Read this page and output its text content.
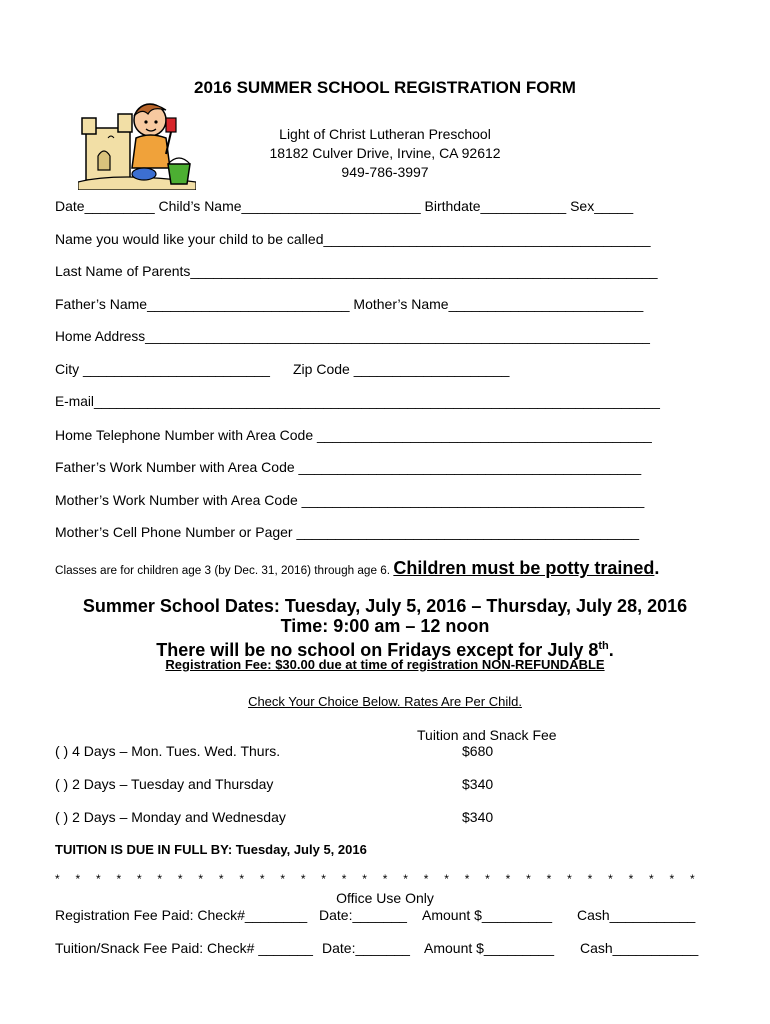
2016 SUMMER SCHOOL REGISTRATION FORM
Light of Christ Lutheran Preschool
18182 Culver Drive, Irvine, CA 92612
949-786-3997
Date_________ Child’s Name_______________________ Birthdate___________ Sex_____
Name you would like your child to be called__________________________________________
Last Name of Parents____________________________________________________________
Father’s Name__________________________ Mother’s Name_________________________
Home Address__________________________________________________________________
City ________________________ Zip Code ____________________
E-mail__________________________________________________________________________
Home Telephone Number with Area Code ___________________________________________
Father’s Work Number with Area Code ____________________________________________
Mother’s Work Number with Area Code ____________________________________________
Mother’s Cell Phone Number or Pager ____________________________________________
Classes are for children age 3 (by Dec. 31, 2016) through age 6. Children must be potty trained.
Summer School Dates: Tuesday, July 5, 2016 – Thursday, July 28, 2016
Time: 9:00 am – 12 noon
There will be no school on Fridays except for July 8th.
Registration Fee: $30.00 due at time of registration NON-REFUNDABLE
Check Your Choice Below. Rates Are Per Child.
Tuition and Snack Fee
( ) 4 Days – Mon. Tues. Wed. Thurs.	$680
( ) 2 Days – Tuesday and Thursday	$340
( ) 2 Days – Monday and Wednesday	$340
TUITION IS DUE IN FULL BY: Tuesday, July 5, 2016
* * * * * * * * * * * * * * * * * * * * * * * * * * * * * * * *
Office Use Only
Registration Fee Paid: Check#________ Date:_______ Amount $_________ Cash___________
Tuition/Snack Fee Paid: Check# _______ Date:_______ Amount $_________ Cash___________
